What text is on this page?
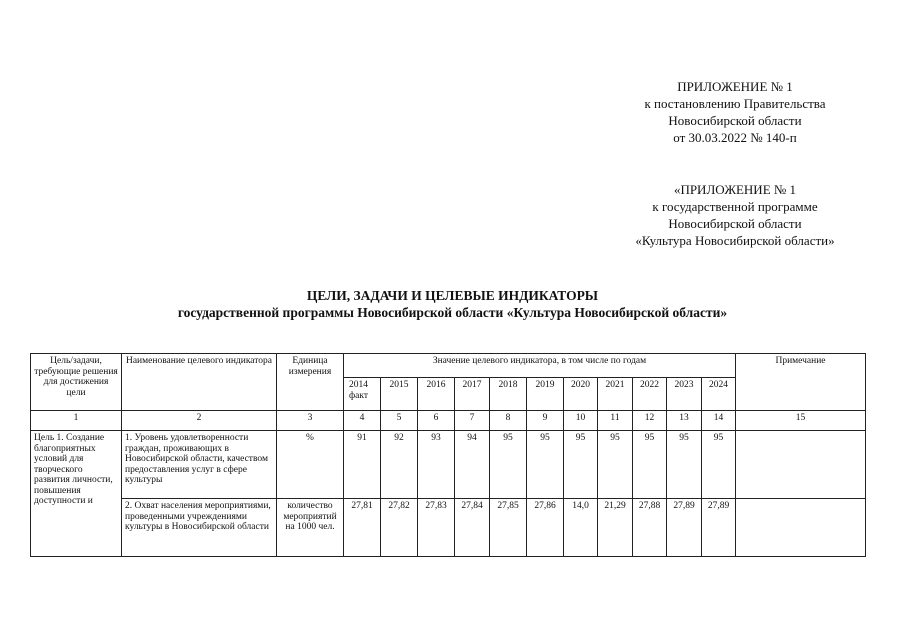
ПРИЛОЖЕНИЕ № 1
к постановлению Правительства
Новосибирской области
от 30.03.2022 № 140-п
«ПРИЛОЖЕНИЕ № 1
к государственной программе
Новосибирской области
«Культура Новосибирской области»
ЦЕЛИ, ЗАДАЧИ И ЦЕЛЕВЫЕ ИНДИКАТОРЫ
государственной программы Новосибирской области «Культура Новосибирской области»
Цель/задачи, требующие решения для достижения цели	Наименование целевого индикатора	Единица измерения	Значение целевого индикатора, в том числе по годам											Примечание
			2014 факт	2015	2016	2017	2018	2019	2020	2021	2022	2023	2024	
1	2	3	4	5	6	7	8	9	10	11	12	13	14	15
Цель 1. Создание благоприятных условий для творческого развития личности, повышения доступности и	1. Уровень удовлетворенности граждан, проживающих в Новосибирской области, качеством предоставления услуг в сфере культуры	%	91	92	93	94	95	95	95	95	95	95	95	
	2. Охват населения мероприятиями, проведенными учреждениями культуры в Новосибирской области	количество мероприятий на 1000 чел.	27,81	27,82	27,83	27,84	27,85	27,86	14,0	21,29	27,88	27,89	27,89	
